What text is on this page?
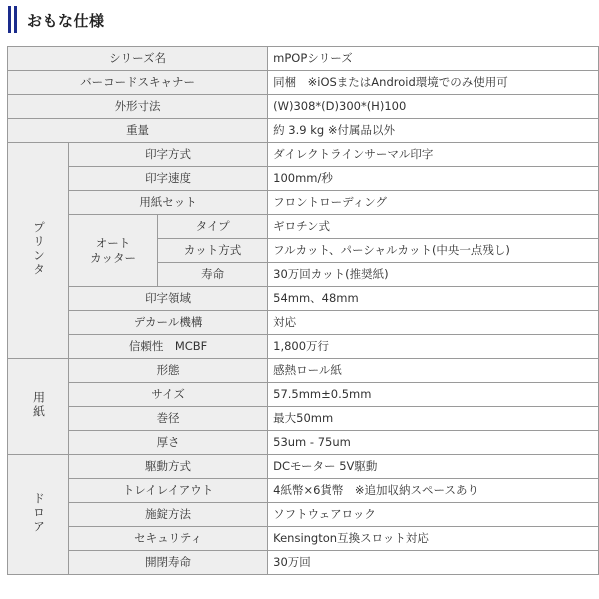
おもな仕様
シリーズ名			mPOPシリーズ
バーコードスキャナー			同梱　※iOSまたはAndroid環境でのみ使用可
外形寸法			(W)308*(D)300*(H)100
重量			約 3.9 kg ※付属品以外
プリンタ	印字方式		ダイレクトラインサーマル印字
	印字速度		100mm/秒
	用紙セット		フロントローディング

	オート
カッター	タイプ	ギロチン式
		カット方式	フルカット、パーシャルカット(中央一点残し)
		寿命	30万回カット(推奨紙)
	印字領域		54mm、48mm
	デカール機構		対応
	信頼性　MCBF		1,800万行
用紙	形態		感熱ロール紙
	サイズ		57.5mm±0.5mm
	巻径		最大50mm
	厚さ		53um - 75um
ドロア	駆動方式		DCモーター 5V駆動
	トレイレイアウト		4紙幣×6貨幣　※追加収納スペースあり
	施錠方法		ソフトウェアロック
	セキュリティ		Kensington互換スロット対応
	開閉寿命		30万回
